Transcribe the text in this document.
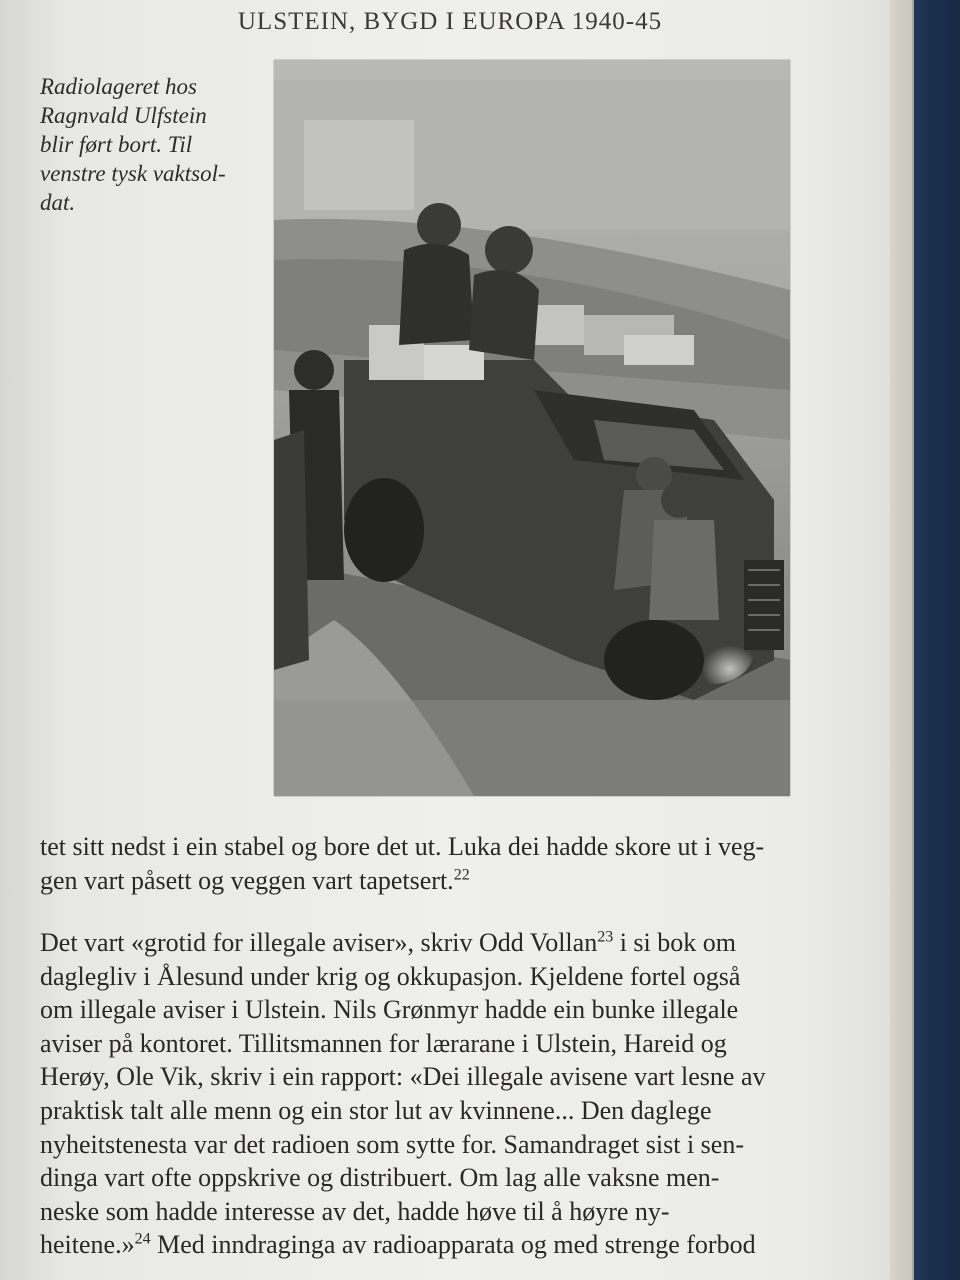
ULSTEIN, BYGD I EUROPA 1940-45
Radiolageret hos
Ragnvald Ulfstein
blir ført bort. Til
venstre tysk vaktsol-
dat.
tet sitt nedst i ein stabel og bore det ut. Luka dei hadde skore ut i veg-
gen vart påsett og veggen vart tapetsert.$^{22}$
Det vart «grotid for illegale aviser», skriv Odd Vollan$^{23}$ i si bok om
daglegliv i Ålesund under krig og okkupasjon. Kjeldene fortel også
om illegale aviser i Ulstein. Nils Grønmyr hadde ein bunke illegale
aviser på kontoret. Tillitsmannen for lærarane i Ulstein, Hareid og
Herøy, Ole Vik, skriv i ein rapport: «Dei illegale avisene vart lesne av
praktisk talt alle menn og ein stor lut av kvinnene... Den daglege
nyheitstenesta var det radioen som sytte for. Samandraget sist i sen-
dinga vart ofte oppskrive og distribuert. Om lag alle vaksne men-
neske som hadde interesse av det, hadde høve til å høyre ny-
heitene.»$^{24}$ Med inndraginga av radioapparata og med strenge forbod
